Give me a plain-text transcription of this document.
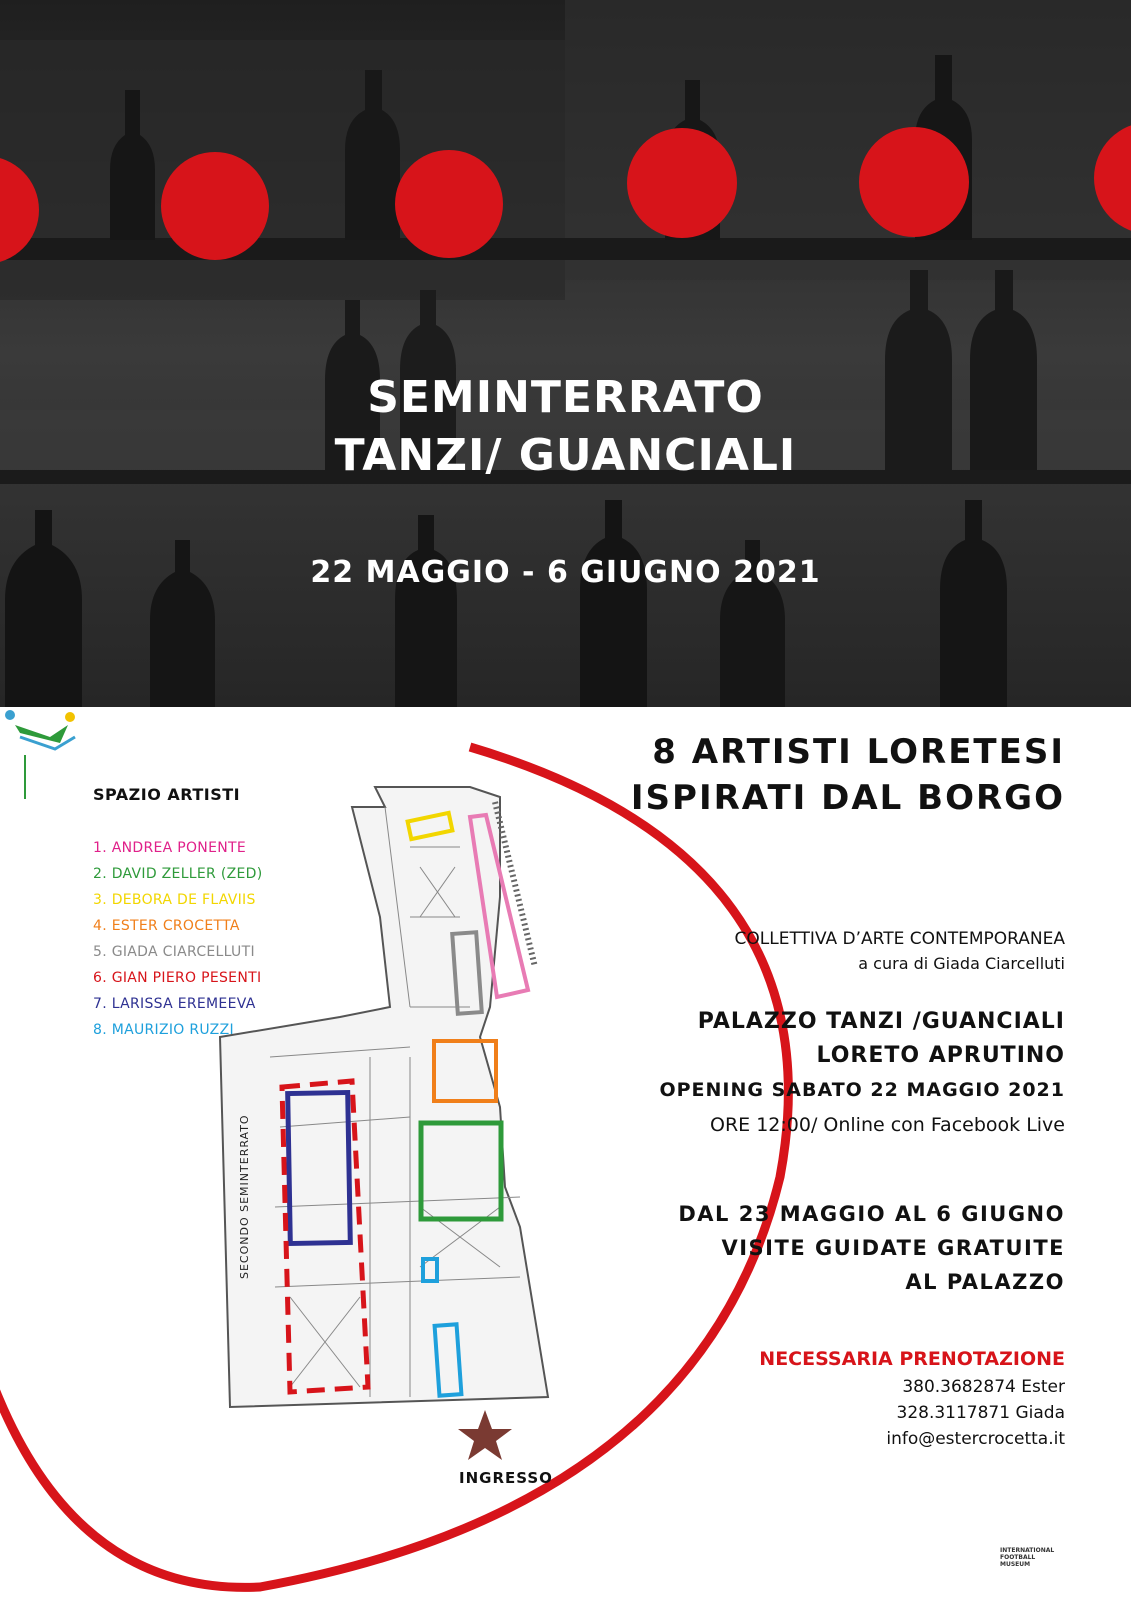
SEMINTERRATO
TANZI/ GUANCIALI
22 MAGGIO - 6 GIUGNO 2021
SPAZIO ARTISTI
1. ANDREA PONENTE
2. DAVID ZELLER (ZED)
3. DEBORA DE FLAVIIS
4. ESTER CROCETTA
5. GIADA CIARCELLUTI
6. GIAN PIERO PESENTI
7. LARISSA EREMEEVA
8. MAURIZIO RUZZI
SECONDO SEMINTERRATO
INGRESSO
8 ARTISTI LORETESI
ISPIRATI DAL BORGO
COLLETTIVA D’ARTE CONTEMPORANEA
a cura di Giada Ciarcelluti
PALAZZO TANZI /GUANCIALI
LORETO APRUTINO
OPENING SABATO 22 MAGGIO 2021
ORE 12:00/ Online con Facebook Live
DAL 23 MAGGIO AL 6 GIUGNO
VISITE GUIDATE GRATUITE
AL PALAZZO
NECESSARIA PRENOTAZIONE
380.3682874 Ester
328.3117871 Giada
info@estercrocetta.it
INTERNATIONAL
FOOTBALL
MUSEUM
